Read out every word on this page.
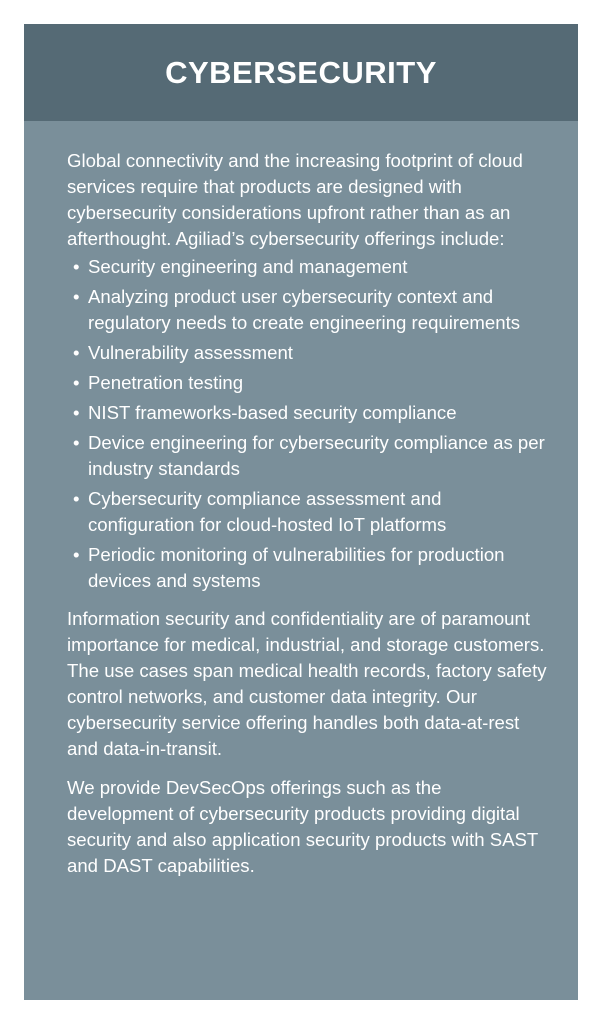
CYBERSECURITY

Global connectivity and the increasing footprint of cloud services require that products are designed with cybersecurity considerations upfront rather than as an afterthought. Agiliad’s cybersecurity offerings include:

• Security engineering and management
• Analyzing product user cybersecurity context and regulatory needs to create engineering requirements
• Vulnerability assessment
• Penetration testing
• NIST frameworks-based security compliance
• Device engineering for cybersecurity compliance as per industry standards
• Cybersecurity compliance assessment and configuration for cloud-hosted IoT platforms
• Periodic monitoring of vulnerabilities for production devices and systems

Information security and confidentiality are of paramount importance for medical, industrial, and storage customers. The use cases span medical health records, factory safety control networks, and customer data integrity. Our cybersecurity service offering handles both data-at-rest and data-in-transit.

We provide DevSecOps offerings such as the development of cybersecurity products providing digital security and also application security products with SAST and DAST capabilities.
